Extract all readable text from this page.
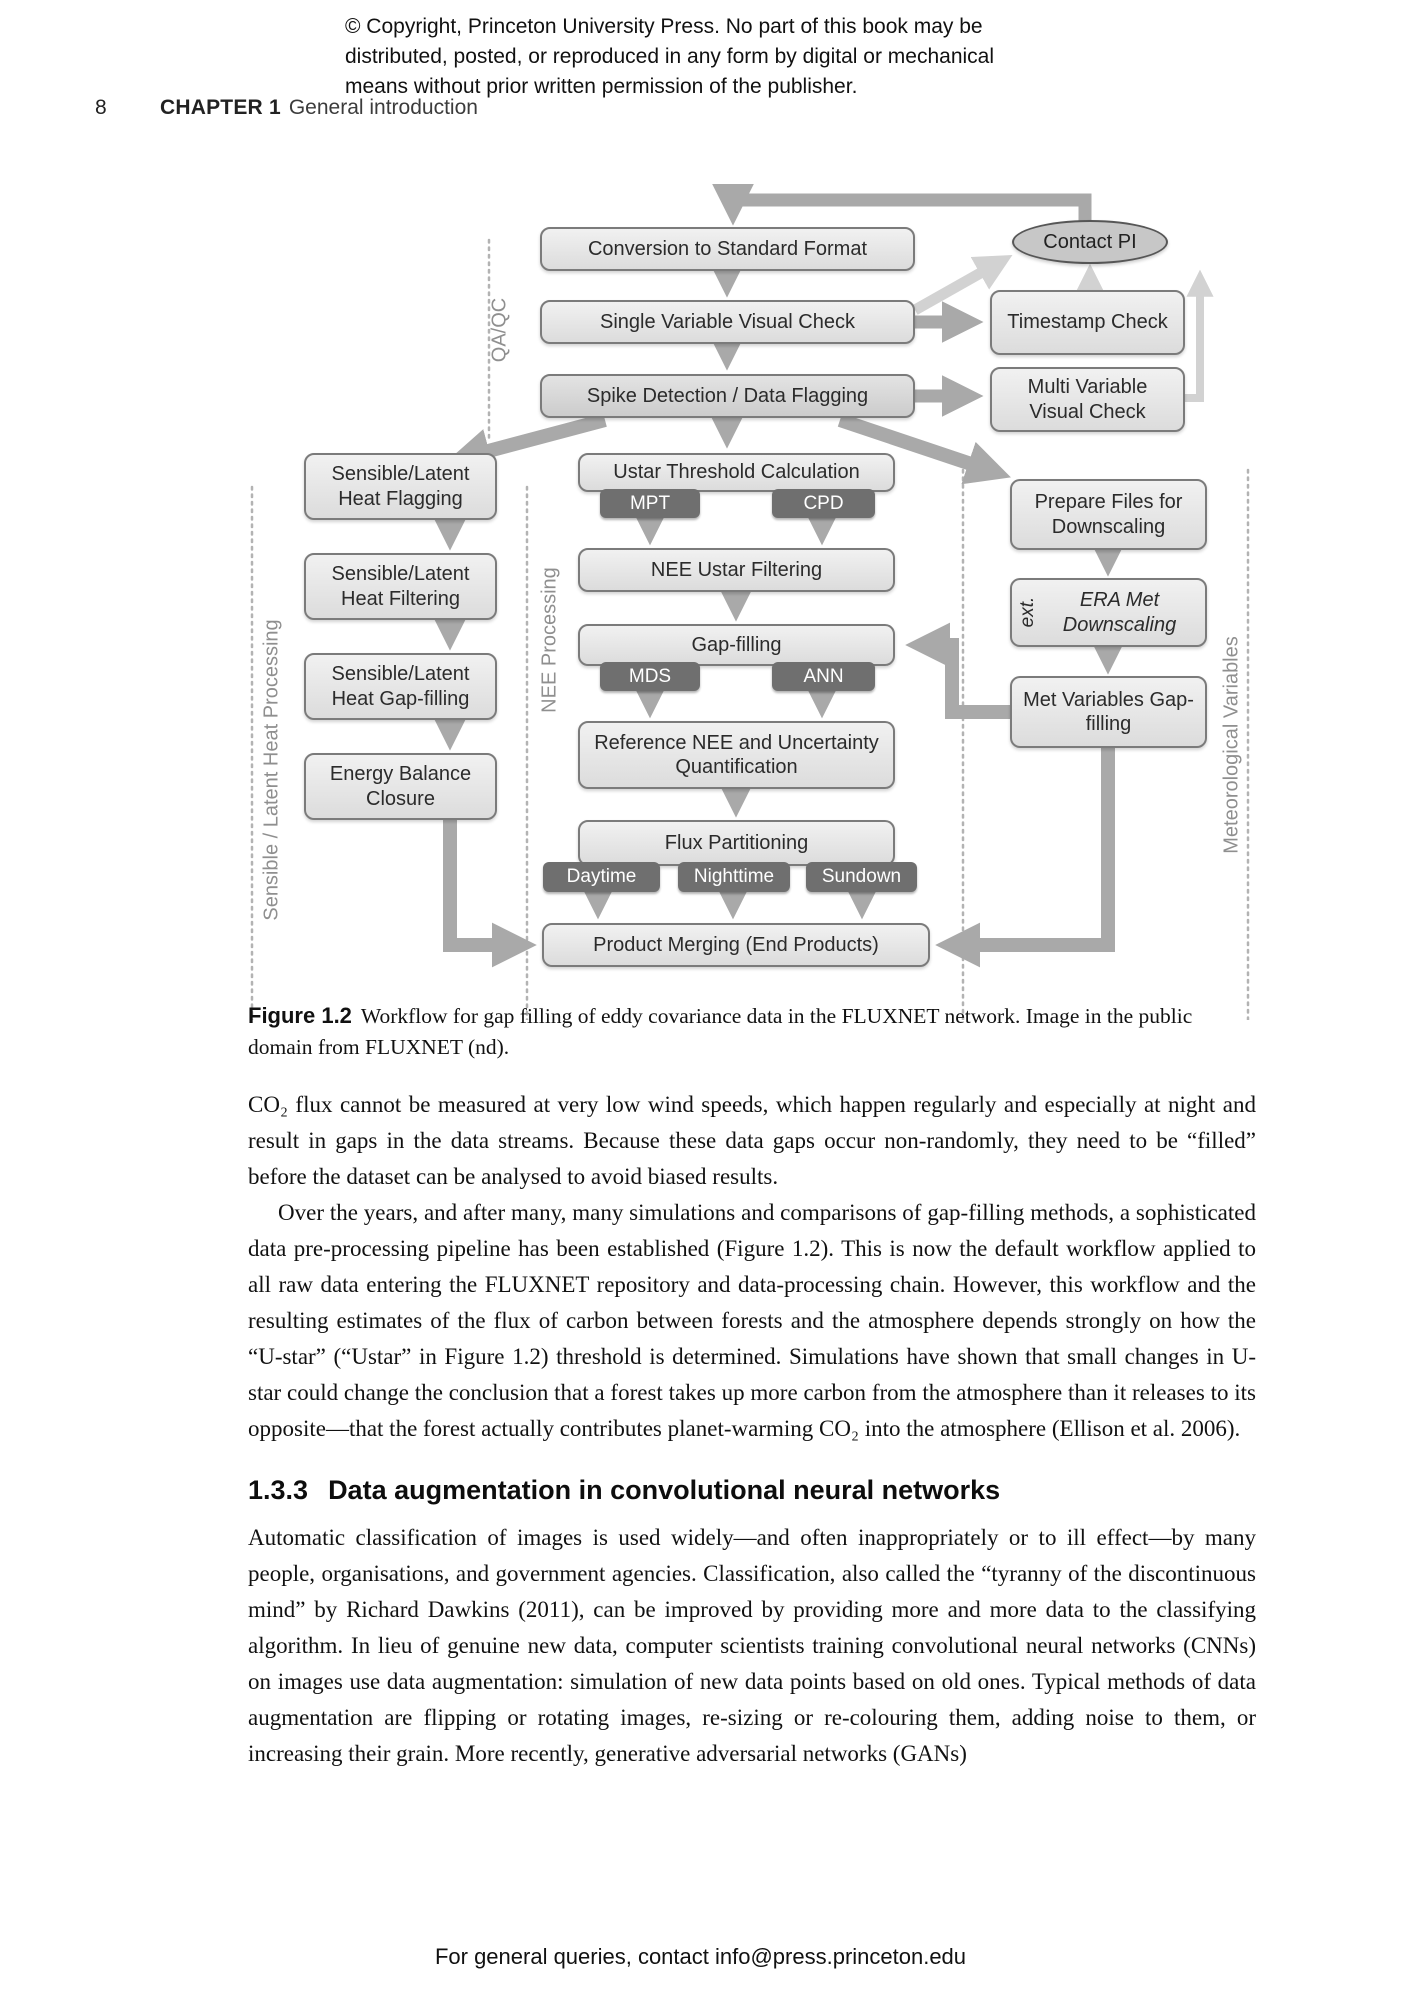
© Copyright, Princeton University Press. No part of this book may be
distributed, posted, or reproduced in any form by digital or mechanical
means without prior written permission of the publisher.
8	CHAPTER 1 General introduction
QA/QC
Sensible / Latent Heat Processing	NEE Processing	Meteorological Variables
Conversion to Standard Format
Single Variable Visual Check
Spike Detection / Data Flagging
Contact PI
Timestamp Check
Multi Variable Visual Check
Sensible/Latent Heat Flagging
Sensible/Latent Heat Filtering
Sensible/Latent Heat Gap-filling
Energy Balance Closure
Ustar Threshold Calculation
MPT	CPD
NEE Ustar Filtering
Gap-filling
MDS	ANN
Reference NEE and Uncertainty Quantification
Flux Partitioning
Daytime	Nighttime	Sundown
Product Merging (End Products)
Prepare Files for Downscaling
ERA Met Downscaling
ext.
Met Variables Gap-filling

Figure 1.2 Workflow for gap filling of eddy covariance data in the FLUXNET network. Image in the public domain from FLUXNET (nd).

CO₂ flux cannot be measured at very low wind speeds, which happen regularly and especially at night and result in gaps in the data streams. Because these data gaps occur non-randomly, they need to be “filled” before the dataset can be analysed to avoid biased results.

Over the years, and after many, many simulations and comparisons of gap-filling methods, a sophisticated data pre-processing pipeline has been established (Figure 1.2). This is now the default workflow applied to all raw data entering the FLUXNET repository and data-processing chain. However, this workflow and the resulting estimates of the flux of carbon between forests and the atmosphere depends strongly on how the “U-star” (“Ustar” in Figure 1.2) threshold is determined. Simulations have shown that small changes in U-star could change the conclusion that a forest takes up more carbon from the atmosphere than it releases to its opposite—that the forest actually contributes planet-warming CO₂ into the atmosphere (Ellison et al. 2006).

1.3.3 Data augmentation in convolutional neural networks

Automatic classification of images is used widely—and often inappropriately or to ill effect—by many people, organisations, and government agencies. Classification, also called the “tyranny of the discontinuous mind” by Richard Dawkins (2011), can be improved by providing more and more data to the classifying algorithm. In lieu of genuine new data, computer scientists training convolutional neural networks (CNNs) on images use data augmentation: simulation of new data points based on old ones. Typical methods of data augmentation are flipping or rotating images, re-sizing or re-colouring them, adding noise to them, or increasing their grain. More recently, generative adversarial networks (GANs)

For general queries, contact info@press.princeton.edu
